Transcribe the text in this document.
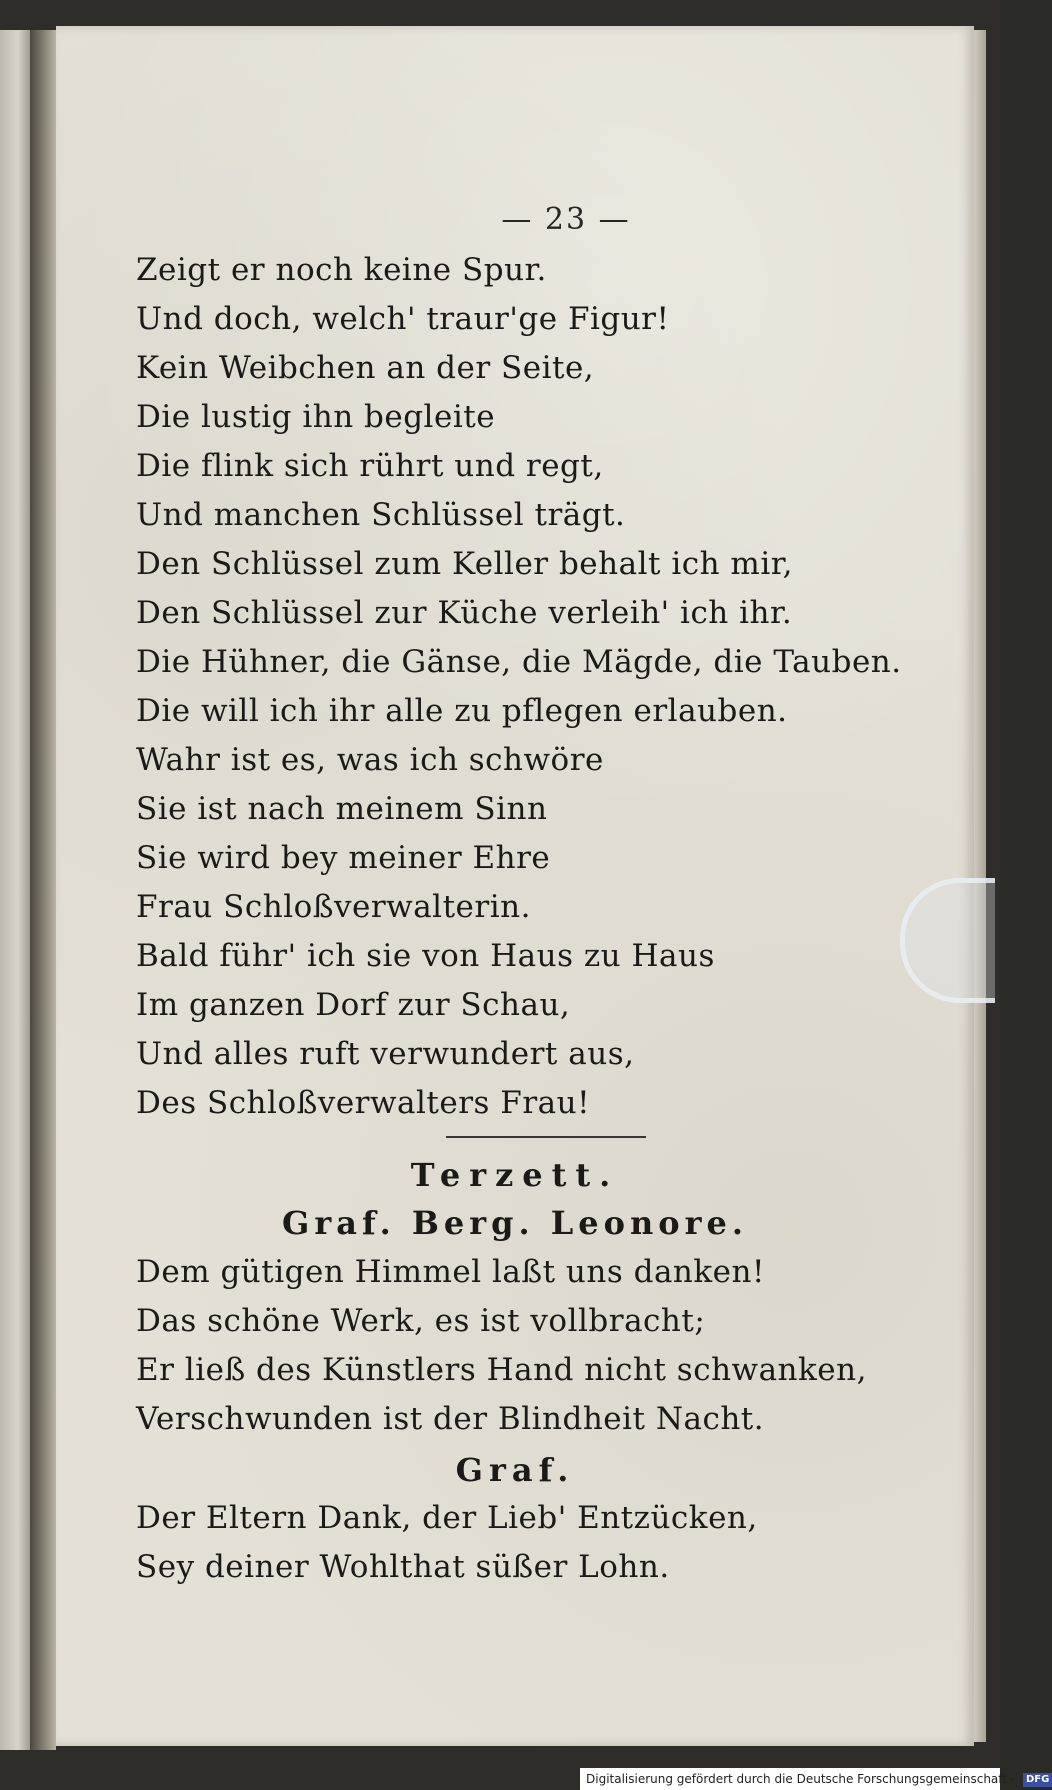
— 23 —

Zeigt er noch keine Spur.

Und doch, welch' traur'ge Figur!

Kein Weibchen an der Seite,

Die lustig ihn begleite

Die flink sich rührt und regt,

Und manchen Schlüssel trägt.

Den Schlüssel zum Keller behalt ich mir,

Den Schlüssel zur Küche verleih' ich ihr.

Die Hühner, die Gänse, die Mägde, die Tauben.

Die will ich ihr alle zu pflegen erlauben.

Wahr ist es, was ich schwöre

Sie ist nach meinem Sinn

Sie wird bey meiner Ehre

Frau Schloßverwalterin.

Bald führ' ich sie von Haus zu Haus

Im ganzen Dorf zur Schau,

Und alles ruft verwundert aus,

Des Schloßverwalters Frau!

Terzett.
Graf. Berg. Leonore.

Dem gütigen Himmel laßt uns danken!

Das schöne Werk, es ist vollbracht;

Er ließ des Künstlers Hand nicht schwanken,

Verschwunden ist der Blindheit Nacht.

Graf.

Der Eltern Dank, der Lieb' Entzücken,

Sey deiner Wohlthat süßer Lohn.

Digitalisierung gefördert durch die Deutsche Forschungsgemeinschaft - DFG
